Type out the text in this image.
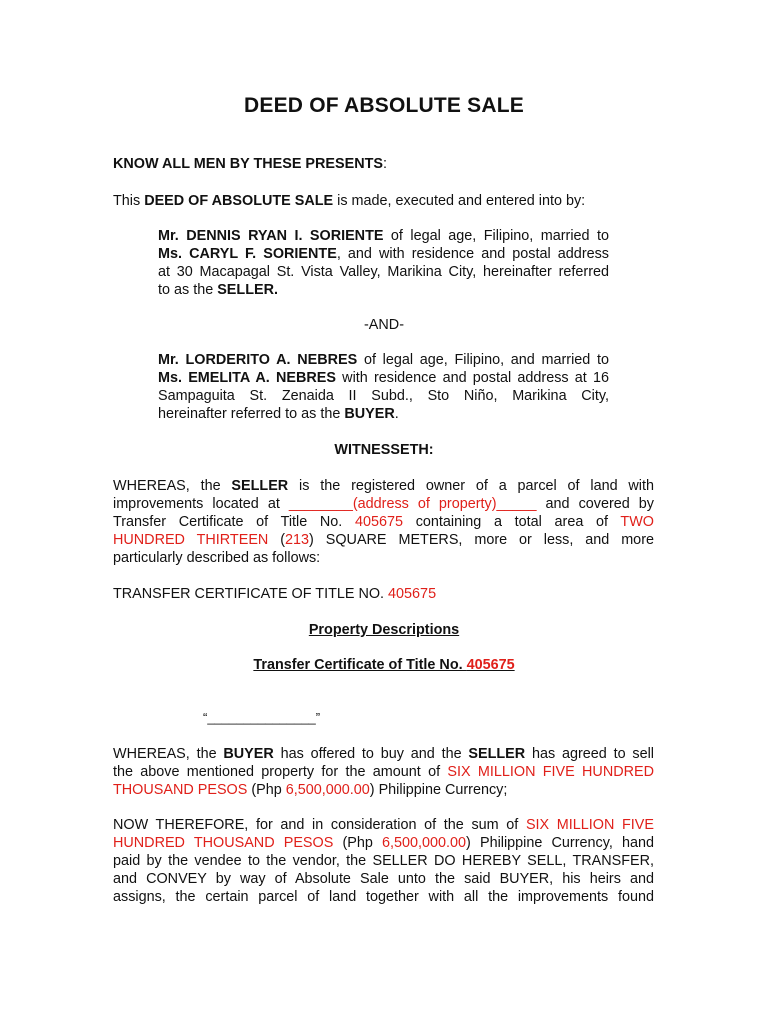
DEED OF ABSOLUTE SALE
KNOW ALL MEN BY THESE PRESENTS:
This DEED OF ABSOLUTE SALE is made, executed and entered into by:
Mr. DENNIS RYAN I. SORIENTE of legal age, Filipino, married to
Ms. CARYL F. SORIENTE, and with residence and postal address
at 30 Macapagal St. Vista Valley, Marikina City, hereinafter referred
to as the SELLER.
-AND-
Mr. LORDERITO A. NEBRES of legal age, Filipino, and married to
Ms. EMELITA A. NEBRES with residence and postal address at 16
Sampaguita St. Zenaida II Subd., Sto Niño, Marikina City,
hereinafter referred to as the BUYER.
WITNESSETH:
WHEREAS, the SELLER is the registered owner of a parcel of land with
improvements located at ________(address of property)_____ and covered by
Transfer Certificate of Title No. 405675 containing a total area of TWO
HUNDRED THIRTEEN (213) SQUARE METERS, more or less, and more
particularly described as follows:
TRANSFER CERTIFICATE OF TITLE NO. 405675
Property Descriptions
Transfer Certificate of Title No. 405675
“_______________”
WHEREAS, the BUYER has offered to buy and the SELLER has agreed to sell
the above mentioned property for the amount of SIX MILLION FIVE HUNDRED
THOUSAND PESOS (Php 6,500,000.00) Philippine Currency;
NOW THEREFORE, for and in consideration of the sum of SIX MILLION FIVE
HUNDRED THOUSAND PESOS (Php 6,500,000.00) Philippine Currency, hand
paid by the vendee to the vendor, the SELLER DO HEREBY SELL, TRANSFER,
and CONVEY by way of Absolute Sale unto the said BUYER, his heirs and
assigns, the certain parcel of land together with all the improvements found
